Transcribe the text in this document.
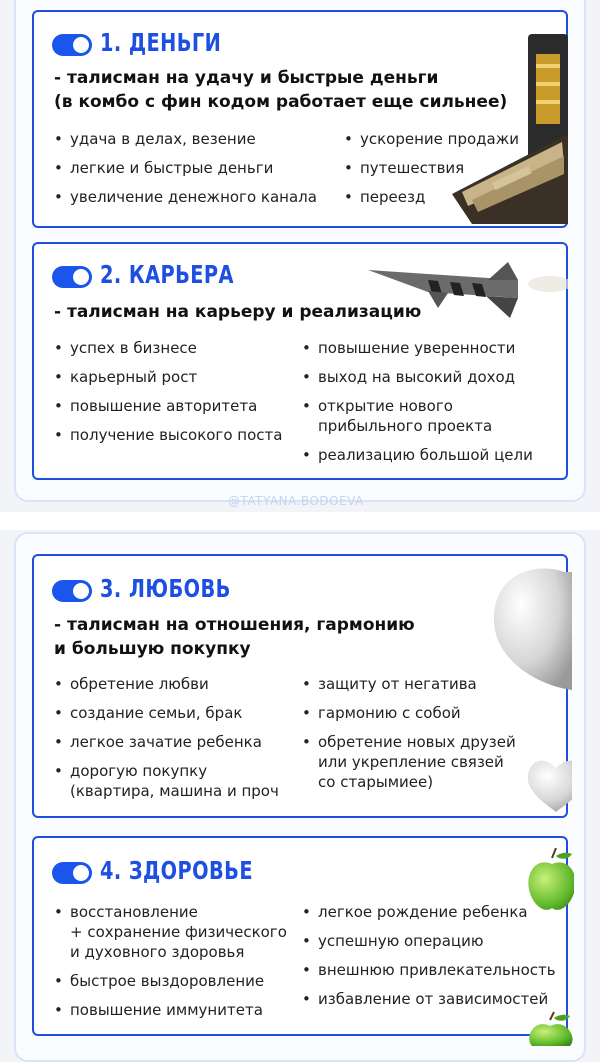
1. ДЕНЬГИ
- талисман на удачу и быстрые деньги
(в комбо с фин кодом работает еще сильнее)
• удача в делах, везение
• легкие и быстрые деньги
• увеличение денежного канала
• ускорение продажи
• путешествия
• переезд
2. КАРЬЕРА
- талисман на карьеру и реализацию
• успех в бизнесе
• карьерный рост
• повышение авторитета
• получение высокого поста
• повышение уверенности
• выход на высокий доход
• открытие нового
прибыльного проекта
• реализацию большой цели
@TATYANA.BODOEVA
3. ЛЮБОВЬ
- талисман на отношения, гармонию
и большую покупку
• обретение любви
• создание семьи, брак
• легкое зачатие ребенка
• дорогую покупку
(квартира, машина и проч
• защиту от негатива
• гармонию с собой
• обретение новых друзей
или укрепление связей
со старымиее)
4. ЗДОРОВЬЕ
• восстановление
+ сохранение физического
и духовного здоровья
• быстрое выздоровление
• повышение иммунитета
• легкое рождение ребенка
• успешную операцию
• внешнюю привлекательность
• избавление от зависимостей
